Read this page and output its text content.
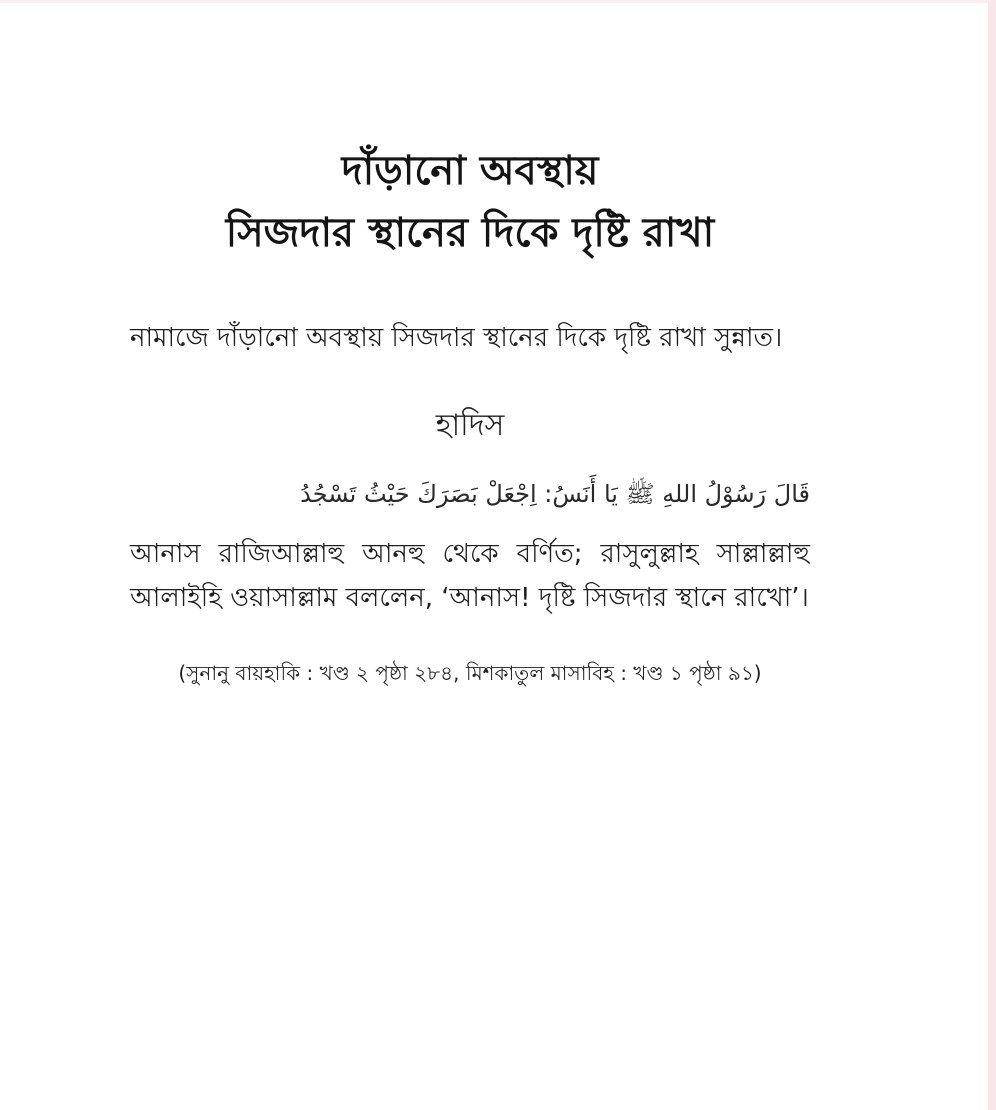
দাঁড়ানো অবস্থায়
সিজদার স্থানের দিকে দৃষ্টি রাখা

নামাজে দাঁড়ানো অবস্থায় সিজদার স্থানের দিকে দৃষ্টি রাখা সুন্নাত।

হাদিস

قَالَ رَسُوْلُ اللهِ ﷺ يَا أَنَسُ: اِجْعَلْ بَصَرَكَ حَيْثُ تَسْجُدُ

আনাস রাজিআল্লাহু আনহু থেকে বর্ণিত; রাসুলুল্লাহ সাল্লাল্লাহু আলাইহি ওয়াসাল্লাম বললেন, ‘আনাস! দৃষ্টি সিজদার স্থানে রাখো’।

(সুনানু বায়হাকি : খণ্ড ২ পৃষ্ঠা ২৮৪, মিশকাতুল মাসাবিহ : খণ্ড ১ পৃষ্ঠা ৯১)
